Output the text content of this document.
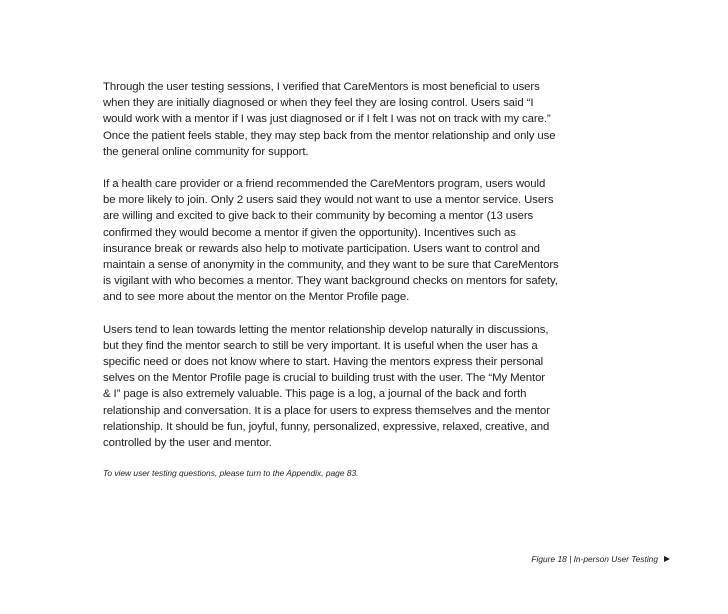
Through the user testing sessions, I verified that CareMentors is most beneficial to users
when they are initially diagnosed or when they feel they are losing control. Users said “I
would work with a mentor if I was just diagnosed or if I felt I was not on track with my care.”
Once the patient feels stable, they may step back from the mentor relationship and only use
the general online community for support.

If a health care provider or a friend recommended the CareMentors program, users would
be more likely to join. Only 2 users said they would not want to use a mentor service. Users
are willing and excited to give back to their community by becoming a mentor (13 users
confirmed they would become a mentor if given the opportunity). Incentives such as
insurance break or rewards also help to motivate participation. Users want to control and
maintain a sense of anonymity in the community, and they want to be sure that CareMentors
is vigilant with who becomes a mentor. They want background checks on mentors for safety,
and to see more about the mentor on the Mentor Profile page.

Users tend to lean towards letting the mentor relationship develop naturally in discussions,
but they find the mentor search to still be very important. It is useful when the user has a
specific need or does not know where to start. Having the mentors express their personal
selves on the Mentor Profile page is crucial to building trust with the user. The “My Mentor
& I” page is also extremely valuable. This page is a log, a journal of the back and forth
relationship and conversation. It is a place for users to express themselves and the mentor
relationship. It should be fun, joyful, funny, personalized, expressive, relaxed, creative, and
controlled by the user and mentor.

To view user testing questions, please turn to the Appendix, page 83.

Figure 18 | In-person User Testing
